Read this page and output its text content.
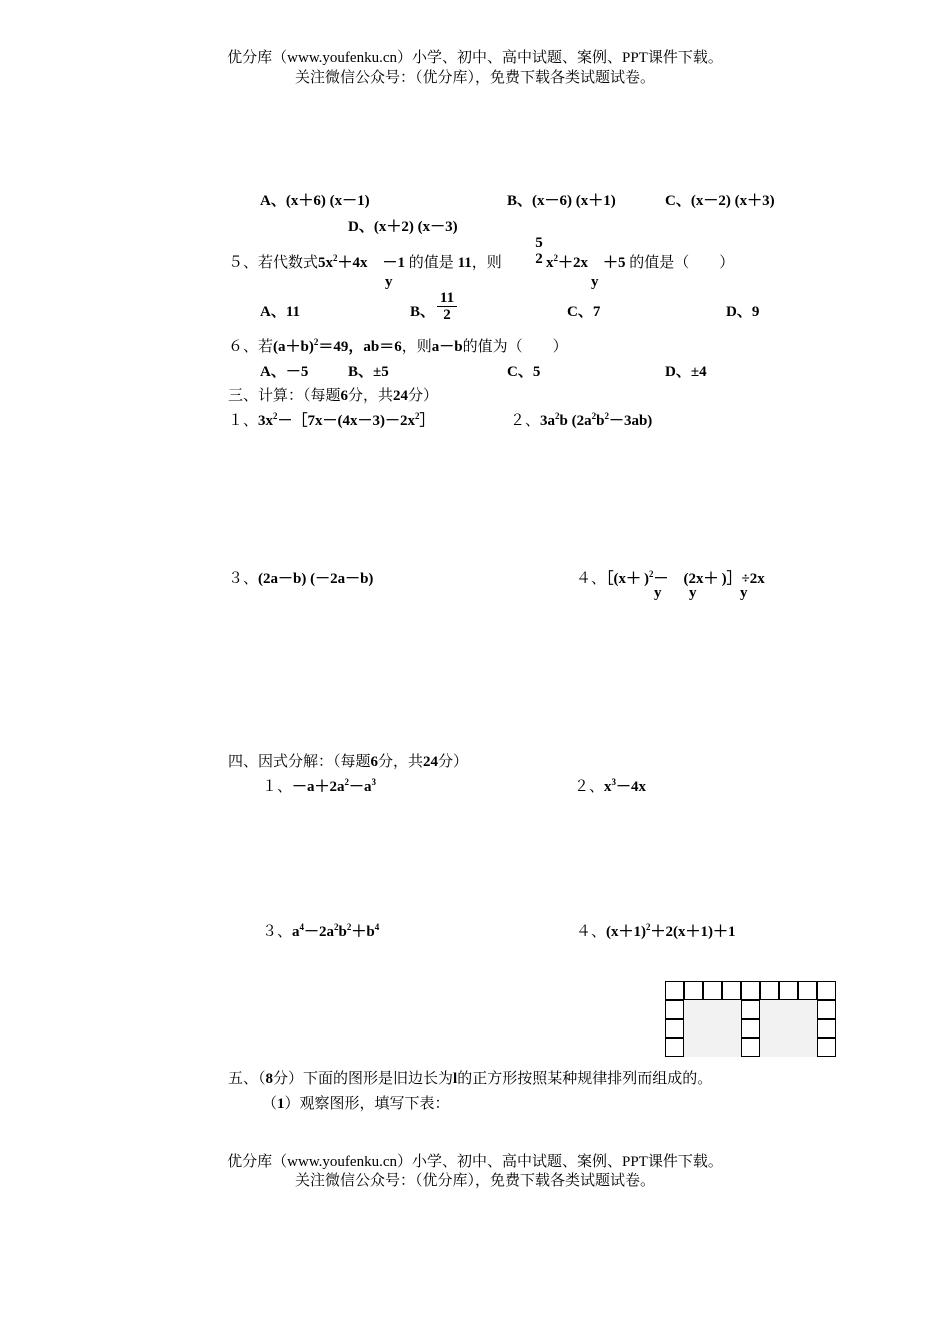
优分库（www.youfenku.cn）小学、初中、高中试题、案例、PPT课件下载。
关注微信公众号：（优分库），免费下载各类试题试卷。
A、(x＋6) (x－1)	B、(x－6) (x＋1)	C、(x－2) (x＋3)
D、(x＋2) (x－3)
５、若代数式$5x^2+4x$  －1 的值是 11，则
5
2 $x^2+2x$  ＋5 的值是（　　）
y	y
A、11	B、 $\frac{11}{2}$	C、7	D、9
６、若$(a+b)^2=49$，ab＝6，则a－b的值为（　　）
A、－5	B、±5	C、5	D、±4
三、计算：（每题6分，共24分）
１、$3x^2-[7x-(4x-3)-2x^2]$	２、$3a^2b$ $(2a^2b^2-3ab)$
３、(2a－b) (－2a－b)	４、［(x＋  )$^2$－  (2x＋  )］÷2x
y y	y
四、因式分解：（每题6分，共24分）
１、$-a+2a^2-a^3$	２、$x^3-4x$
３、$a^4-2a^2b^2+b^4$	４、$(x+1)^2+2(x+1)+1$
五、（8分）下面的图形是旧边长为l的正方形按照某种规律排列而组成的。
（1）观察图形，填写下表：
优分库（www.youfenku.cn）小学、初中、高中试题、案例、PPT课件下载。
关注微信公众号：（优分库），免费下载各类试题试卷。
